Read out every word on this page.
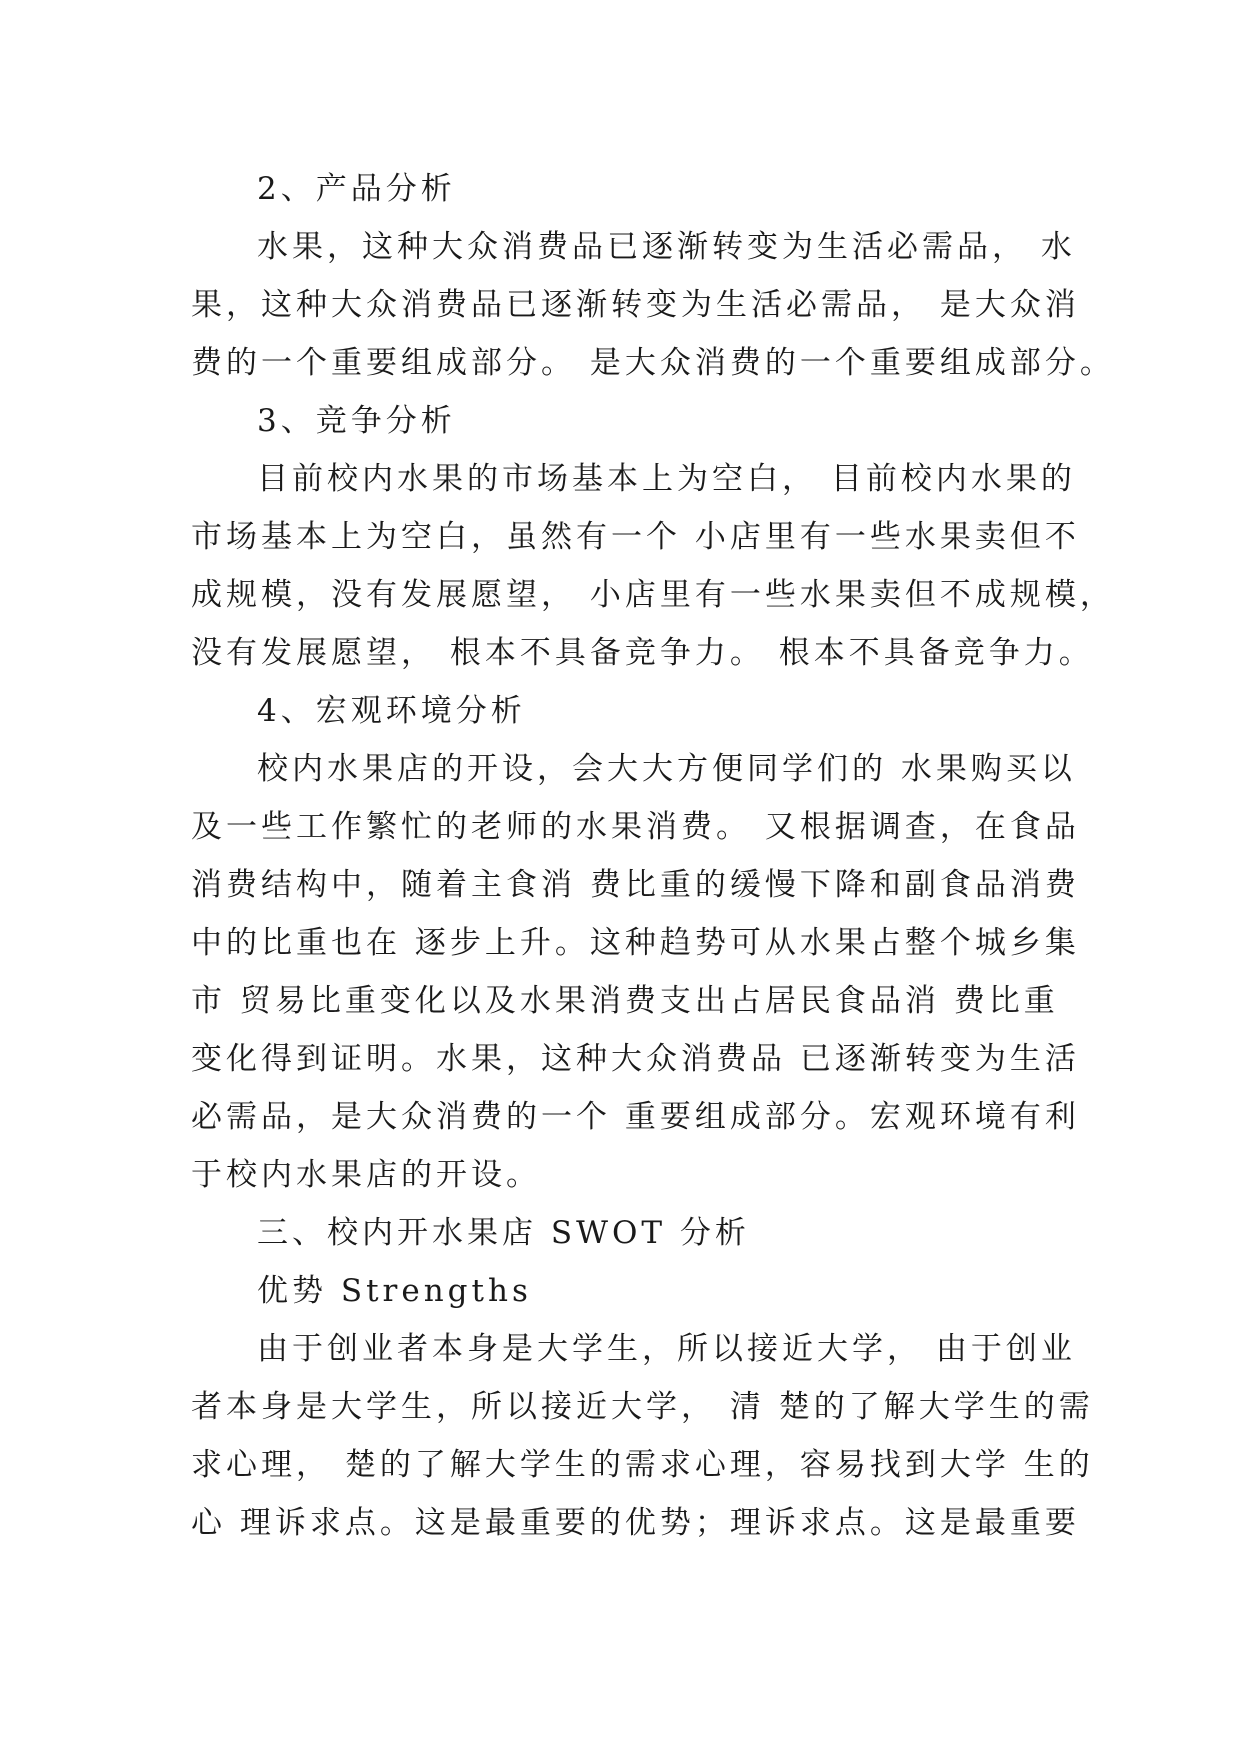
2、产品分析
水果，这种大众消费品已逐渐转变为生活必需品， 水
果，这种大众消费品已逐渐转变为生活必需品， 是大众消
费的一个重要组成部分。 是大众消费的一个重要组成部分。
3、竞争分析
目前校内水果的市场基本上为空白， 目前校内水果的
市场基本上为空白，虽然有一个 小店里有一些水果卖但不
成规模，没有发展愿望， 小店里有一些水果卖但不成规模，
没有发展愿望， 根本不具备竞争力。 根本不具备竞争力。
4、宏观环境分析
校内水果店的开设，会大大方便同学们的 水果购买以
及一些工作繁忙的老师的水果消费。 又根据调查，在食品
消费结构中，随着主食消 费比重的缓慢下降和副食品消费
中的比重也在 逐步上升。这种趋势可从水果占整个城乡集
市 贸易比重变化以及水果消费支出占居民食品消 费比重
变化得到证明。水果，这种大众消费品 已逐渐转变为生活
必需品，是大众消费的一个 重要组成部分。宏观环境有利
于校内水果店的开设。
三、校内开水果店 SWOT 分析
优势 Strengths
由于创业者本身是大学生，所以接近大学， 由于创业
者本身是大学生，所以接近大学， 清 楚的了解大学生的需
求心理， 楚的了解大学生的需求心理，容易找到大学 生的
心 理诉求点。这是最重要的优势；理诉求点。这是最重要
